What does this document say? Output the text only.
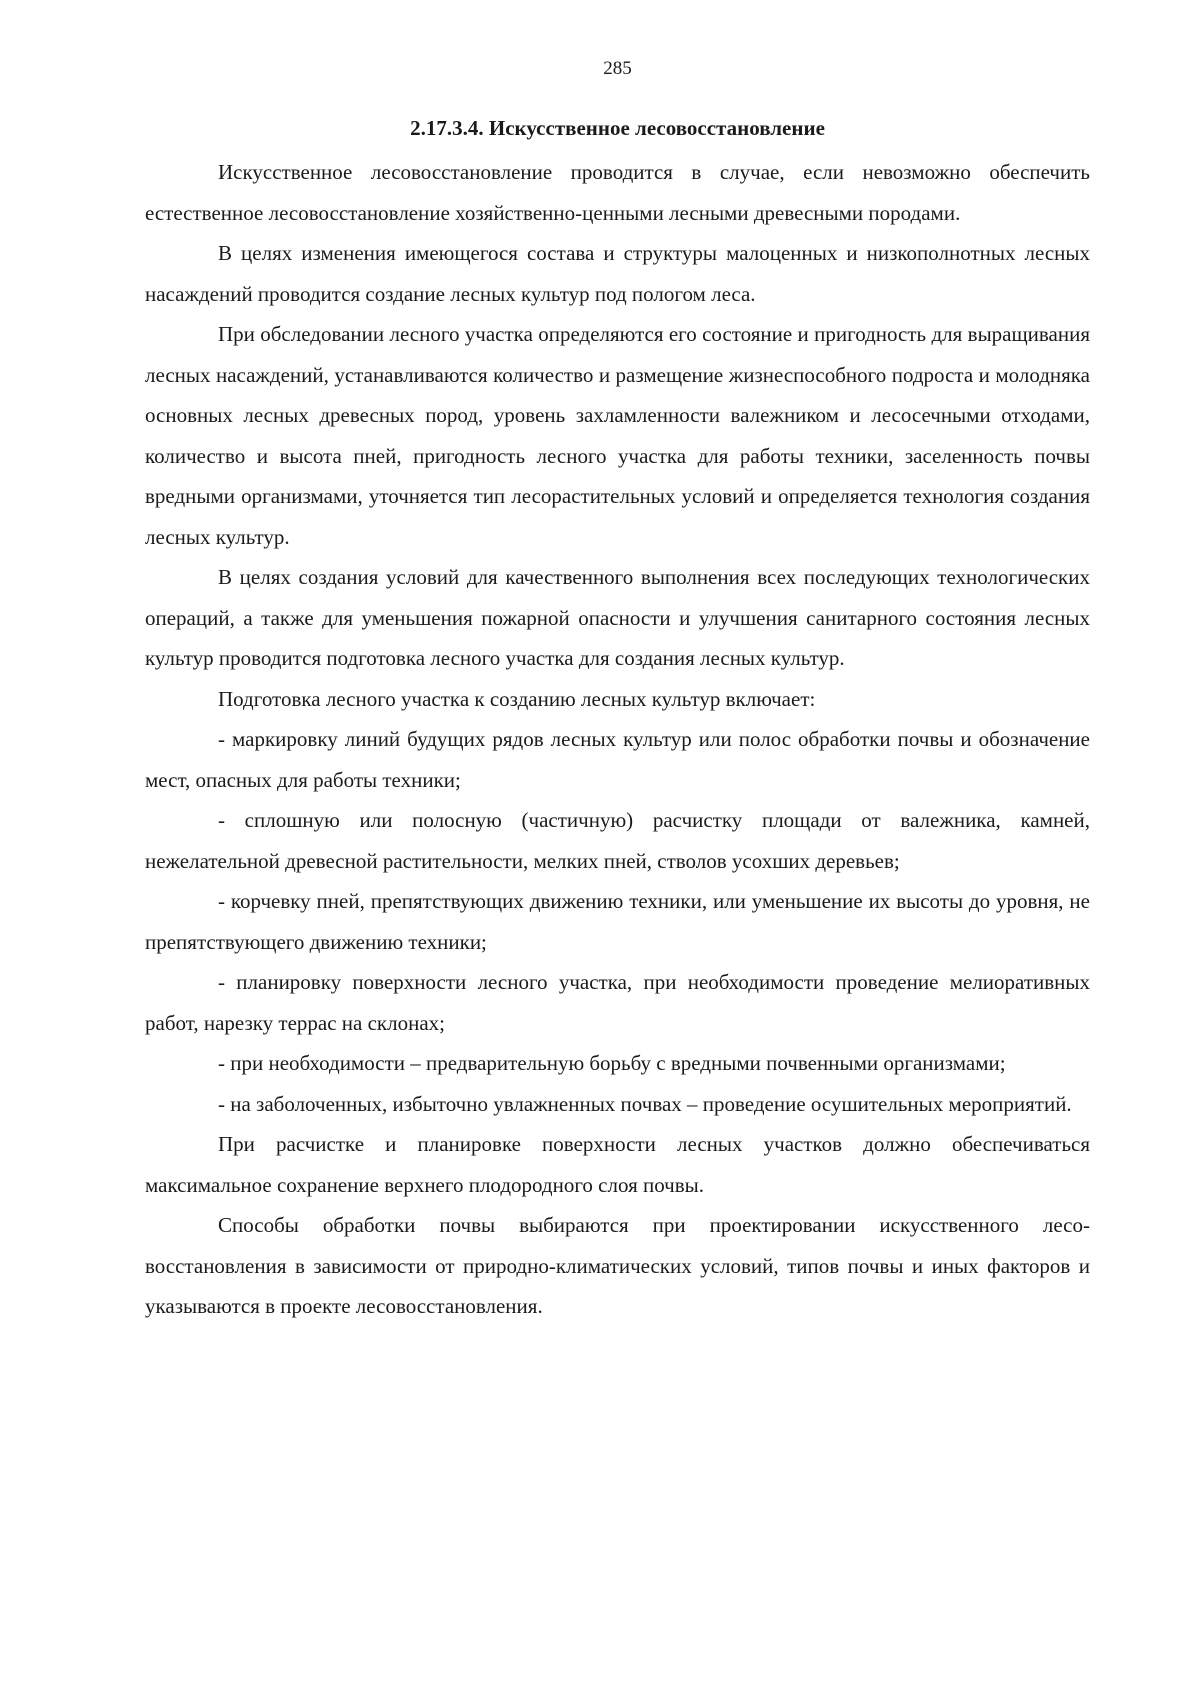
285
2.17.3.4. Искусственное лесовосстановление

Искусственное лесовосстановление проводится в случае, если невозможно обеспечить естественное лесовосстановление хозяйственно-ценными лесными древесными породами.

В целях изменения имеющегося состава и структуры малоценных и низкополнотных лесных насаждений проводится создание лесных культур под пологом леса.

При обследовании лесного участка определяются его состояние и пригодность для выращивания лесных насаждений, устанавливаются количество и размещение жизнеспособного подроста и молодняка основных лесных древесных пород, уровень захламленности валежником и лесосечными отходами, количество и высота пней, пригодность лесного участка для работы техники, заселенность почвы вредными организмами, уточняется тип лесорастительных условий и определяется технология создания лесных культур.

В целях создания условий для качественного выполнения всех последующих технологических операций, а также для уменьшения пожарной опасности и улучшения санитарного состояния лесных культур проводится подготовка лесного участка для создания лесных культур.

Подготовка лесного участка к созданию лесных культур включает:

- маркировку линий будущих рядов лесных культур или полос обработки почвы и обозначение мест, опасных для работы техники;

- сплошную или полосную (частичную) расчистку площади от валежника, камней, нежелательной древесной растительности, мелких пней, стволов усохших деревьев;

- корчевку пней, препятствующих движению техники, или уменьшение их высоты до уровня, не препятствующего движению техники;

- планировку поверхности лесного участка, при необходимости проведение мелиоративных работ, нарезку террас на склонах;

- при необходимости – предварительную борьбу с вредными почвенными организмами;

- на заболоченных, избыточно увлажненных почвах – проведение осушительных мероприятий.

При расчистке и планировке поверхности лесных участков должно обеспечиваться максимальное сохранение верхнего плодородного слоя почвы.

Способы обработки почвы выбираются при проектировании искусственного лесовосстановления в зависимости от природно-климатических условий, типов почвы и иных факторов и указываются в проекте лесовосстановления.
